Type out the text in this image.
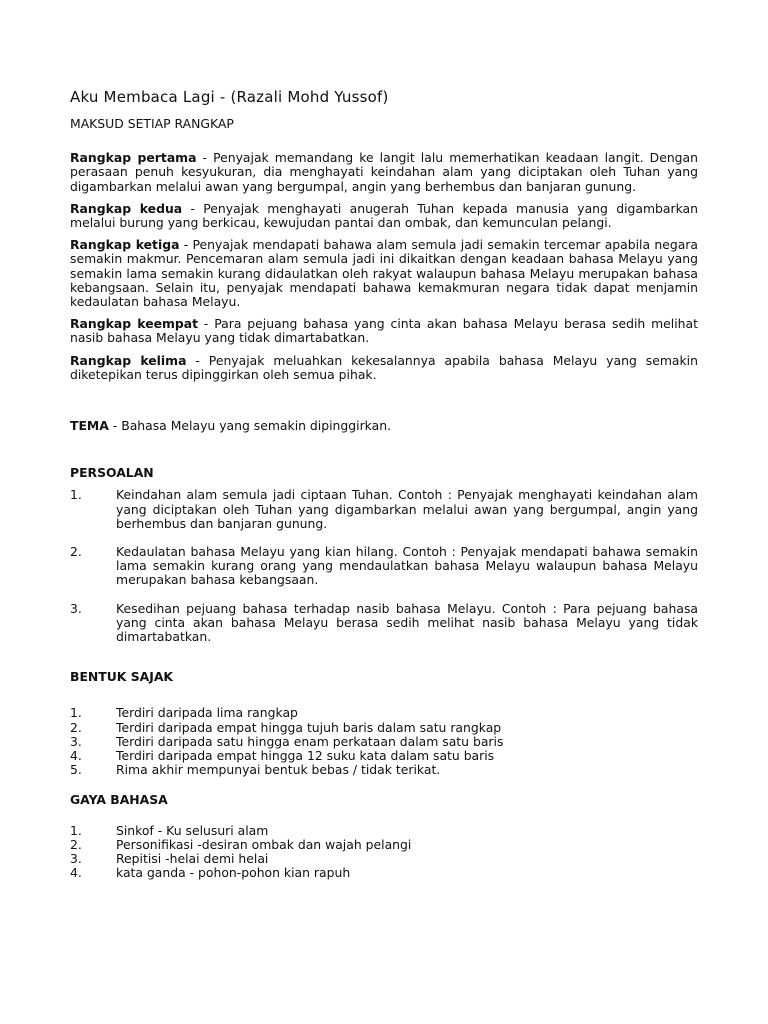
Aku Membaca Lagi - (Razali Mohd Yussof)
MAKSUD SETIAP RANGKAP

Rangkap pertama - Penyajak memandang ke langit lalu memerhatikan keadaan langit. Dengan perasaan penuh kesyukuran, dia menghayati keindahan alam yang diciptakan oleh Tuhan yang digambarkan melalui awan yang bergumpal, angin yang berhembus dan banjaran gunung.

Rangkap kedua - Penyajak menghayati anugerah Tuhan kepada manusia yang digambarkan melalui burung yang berkicau, kewujudan pantai dan ombak, dan kemunculan pelangi.

Rangkap ketiga - Penyajak mendapati bahawa alam semula jadi semakin tercemar apabila negara semakin makmur. Pencemaran alam semula jadi ini dikaitkan dengan keadaan bahasa Melayu yang semakin lama semakin kurang didaulatkan oleh rakyat walaupun bahasa Melayu merupakan bahasa kebangsaan. Selain itu, penyajak mendapati bahawa kemakmuran negara tidak dapat menjamin kedaulatan bahasa Melayu.

Rangkap keempat - Para pejuang bahasa yang cinta akan bahasa Melayu berasa sedih melihat nasib bahasa Melayu yang tidak dimartabatkan.

Rangkap kelima - Penyajak meluahkan kekesalannya apabila bahasa Melayu yang semakin diketepikan terus dipinggirkan oleh semua pihak.

TEMA - Bahasa Melayu yang semakin dipinggirkan.

PERSOALAN
1.	Keindahan alam semula jadi ciptaan Tuhan. Contoh : Penyajak menghayati keindahan alam yang diciptakan oleh Tuhan yang digambarkan melalui awan yang bergumpal, angin yang berhembus dan banjaran gunung.
2.	Kedaulatan bahasa Melayu yang kian hilang. Contoh : Penyajak mendapati bahawa semakin lama semakin kurang orang yang mendaulatkan bahasa Melayu walaupun bahasa Melayu merupakan bahasa kebangsaan.
3.	Kesedihan pejuang bahasa terhadap nasib bahasa Melayu. Contoh : Para pejuang bahasa yang cinta akan bahasa Melayu berasa sedih melihat nasib bahasa Melayu yang tidak dimartabatkan.
BENTUK SAJAK
1.	Terdiri daripada lima rangkap
2.	Terdiri daripada empat hingga tujuh baris dalam satu rangkap
3.	Terdiri daripada satu hingga enam perkataan dalam satu baris
4.	Terdiri daripada empat hingga 12 suku kata dalam satu baris
5.	Rima akhir mempunyai bentuk bebas / tidak terikat.
GAYA BAHASA
1.	Sinkof - Ku selusuri alam
2.	Personifikasi -desiran ombak dan wajah pelangi
3.	Repitisi -helai demi helai
4.	kata ganda - pohon-pohon kian rapuh
